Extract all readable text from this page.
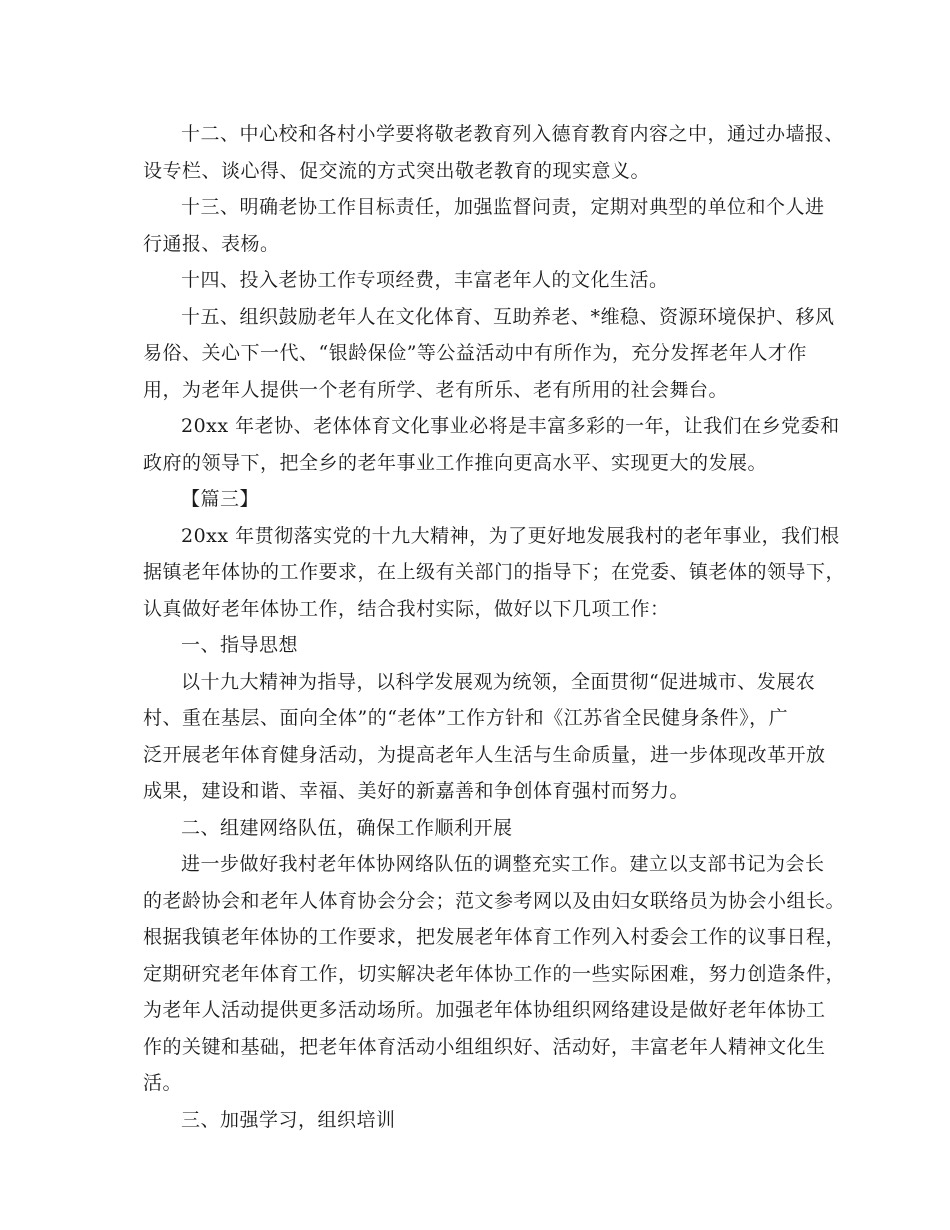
十二、中心校和各村小学要将敬老教育列入德育教育内容之中，通过办墙报、
设专栏、谈心得、促交流的方式突出敬老教育的现实意义。
十三、明确老协工作目标责任，加强监督问责，定期对典型的单位和个人进
行通报、表杨。
十四、投入老协工作专项经费，丰富老年人的文化生活。
十五、组织鼓励老年人在文化体育、互助养老、*维稳、资源环境保护、移风
易俗、关心下一代、“银龄保俭”等公益活动中有所作为，充分发挥老年人才作
用，为老年人提供一个老有所学、老有所乐、老有所用的社会舞台。
20xx 年老协、老体体育文化事业必将是丰富多彩的一年，让我们在乡党委和
政府的领导下，把全乡的老年事业工作推向更高水平、实现更大的发展。
【篇三】
20xx 年贯彻落实党的十九大精神，为了更好地发展我村的老年事业，我们根
据镇老年体协的工作要求，在上级有关部门的指导下；在党委、镇老体的领导下，
认真做好老年体协工作，结合我村实际，做好以下几项工作：
一、指导思想
以十九大精神为指导，以科学发展观为统领，全面贯彻“促进城市、发展农
村、重在基层、面向全体”的“老体”工作方针和《江苏省全民健身条件》，广
泛开展老年体育健身活动，为提高老年人生活与生命质量，进一步体现改革开放
成果，建设和谐、幸福、美好的新嘉善和争创体育强村而努力。
二、组建网络队伍，确保工作顺利开展
进一步做好我村老年体协网络队伍的调整充实工作。建立以支部书记为会长
的老龄协会和老年人体育协会分会；范文参考网以及由妇女联络员为协会小组长。
根据我镇老年体协的工作要求，把发展老年体育工作列入村委会工作的议事日程，
定期研究老年体育工作，切实解决老年体协工作的一些实际困难，努力创造条件，
为老年人活动提供更多活动场所。加强老年体协组织网络建设是做好老年体协工
作的关键和基础，把老年体育活动小组组织好、活动好，丰富老年人精神文化生
活。
三、加强学习，组织培训
